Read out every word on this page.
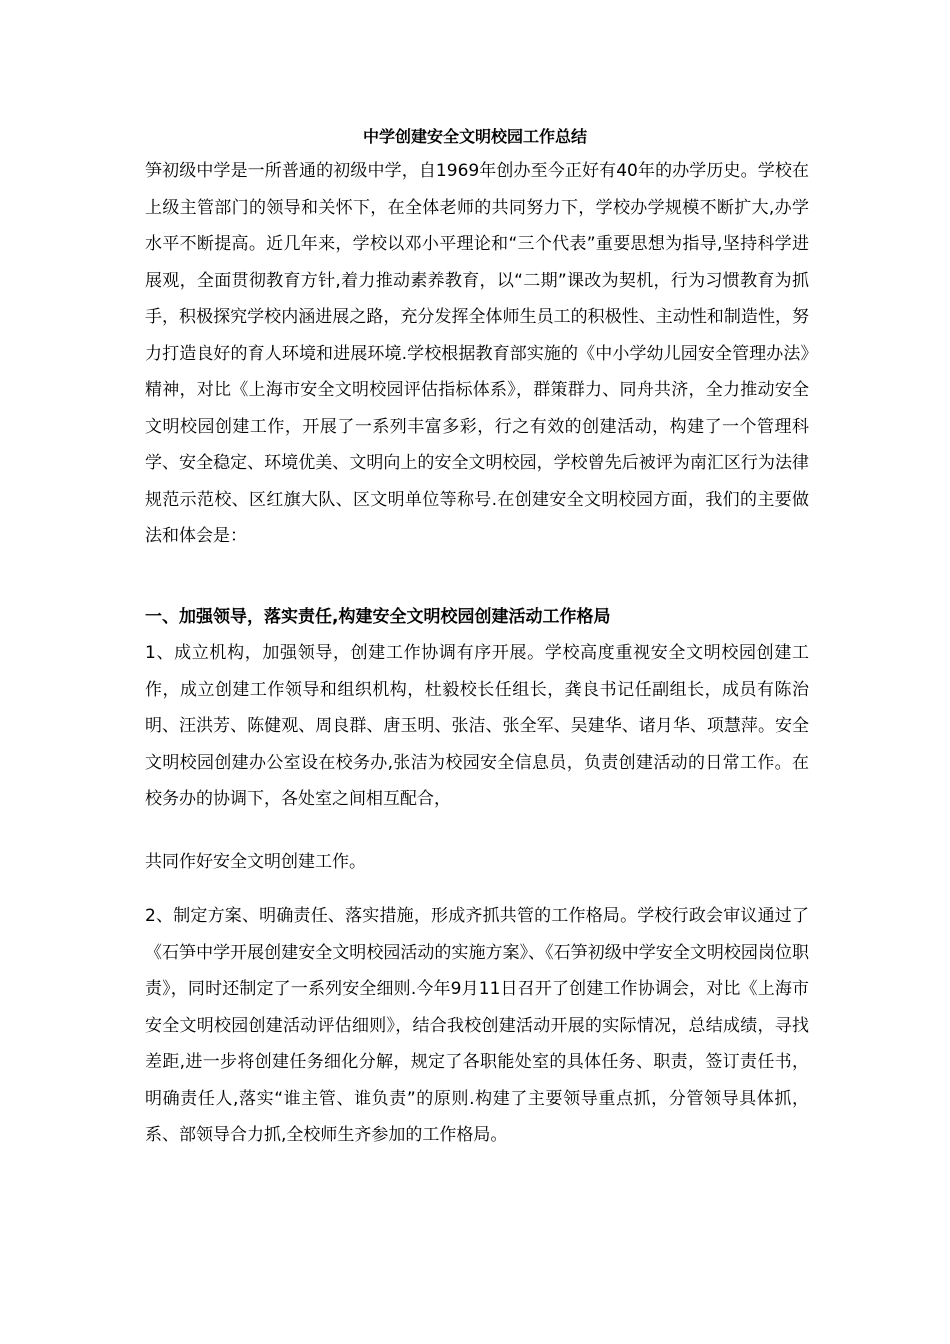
中学创建安全文明校园工作总结

笋初级中学是一所普通的初级中学，自1969年创办至今正好有40年的办学历史。学校在上级主管部门的领导和关怀下，在全体老师的共同努力下，学校办学规模不断扩大,办学水平不断提高。近几年来，学校以邓小平理论和“三个代表”重要思想为指导,坚持科学进展观，全面贯彻教育方针,着力推动素养教育，以“二期”课改为契机，行为习惯教育为抓手，积极探究学校内涵进展之路，充分发挥全体师生员工的积极性、主动性和制造性，努力打造良好的育人环境和进展环境.学校根据教育部实施的《中小学幼儿园安全管理办法》精神，对比《上海市安全文明校园评估指标体系》，群策群力、同舟共济，全力推动安全文明校园创建工作，开展了一系列丰富多彩，行之有效的创建活动，构建了一个管理科学、安全稳定、环境优美、文明向上的安全文明校园，学校曾先后被评为南汇区行为法律规范示范校、区红旗大队、区文明单位等称号.在创建安全文明校园方面，我们的主要做法和体会是：

一、加强领导，落实责任,构建安全文明校园创建活动工作格局

1、成立机构，加强领导，创建工作协调有序开展。学校高度重视安全文明校园创建工作，成立创建工作领导和组织机构，杜毅校长任组长，龚良书记任副组长，成员有陈治明、汪洪芳、陈健观、周良群、唐玉明、张洁、张全军、吴建华、诸月华、项慧萍。安全文明校园创建办公室设在校务办,张洁为校园安全信息员，负责创建活动的日常工作。在校务办的协调下，各处室之间相互配合，

共同作好安全文明创建工作。

2、制定方案、明确责任、落实措施，形成齐抓共管的工作格局。学校行政会审议通过了《石笋中学开展创建安全文明校园活动的实施方案》、《石笋初级中学安全文明校园岗位职责》，同时还制定了一系列安全细则.今年9月11日召开了创建工作协调会，对比《上海市安全文明校园创建活动评估细则》，结合我校创建活动开展的实际情况，总结成绩，寻找差距,进一步将创建任务细化分解，规定了各职能处室的具体任务、职责，签订责任书，明确责任人,落实“谁主管、谁负责”的原则.构建了主要领导重点抓，分管领导具体抓，系、部领导合力抓,全校师生齐参加的工作格局。
